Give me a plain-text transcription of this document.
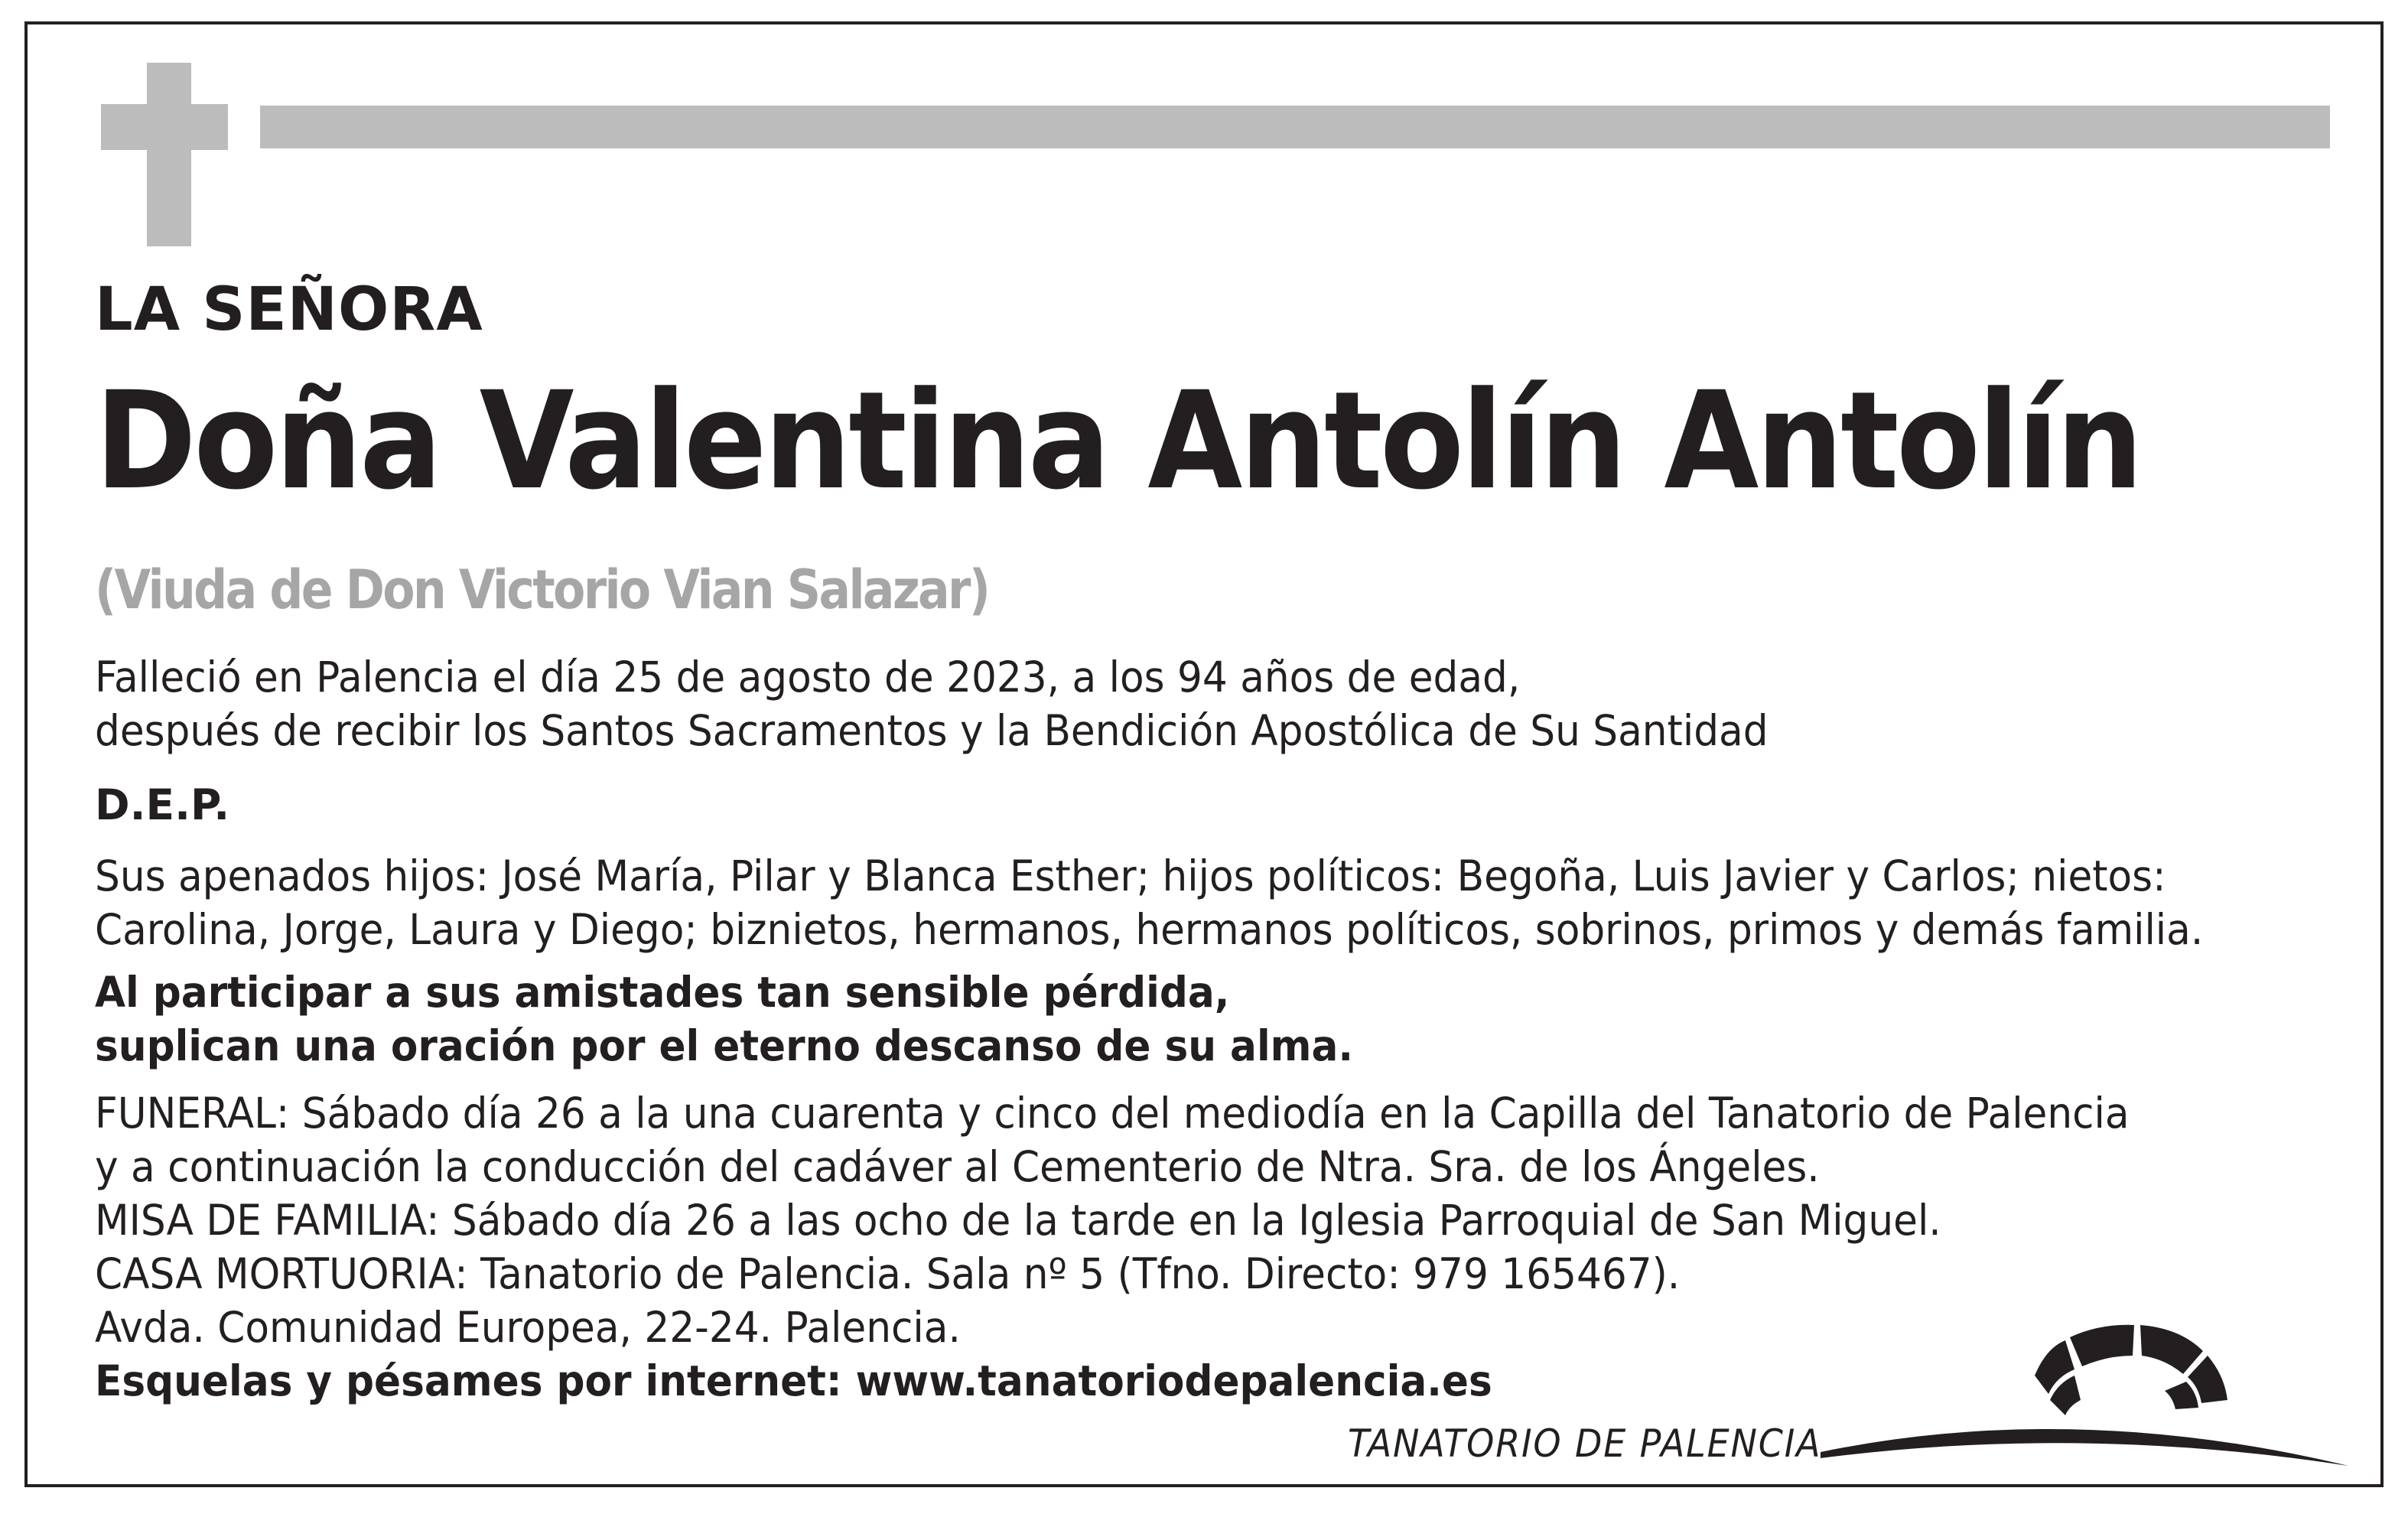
LA SEÑORA

Doña Valentina Antolín Antolín

(Viuda de Don Victorio Vian Salazar)

Falleció en Palencia el día 25 de agosto de 2023, a los 94 años de edad,
después de recibir los Santos Sacramentos y la Bendición Apostólica de Su Santidad

D.E.P.

Sus apenados hijos: José María, Pilar y Blanca Esther; hijos políticos: Begoña, Luis Javier y Carlos; nietos:
Carolina, Jorge, Laura y Diego; biznietos, hermanos, hermanos políticos, sobrinos, primos y demás familia.

Al participar a sus amistades tan sensible pérdida,
suplican una oración por el eterno descanso de su alma.

FUNERAL: Sábado día 26 a la una cuarenta y cinco del mediodía en la Capilla del Tanatorio de Palencia
y a continuación la conducción del cadáver al Cementerio de Ntra. Sra. de los Ángeles.
MISA DE FAMILIA: Sábado día 26 a las ocho de la tarde en la Iglesia Parroquial de San Miguel.
CASA MORTUORIA: Tanatorio de Palencia. Sala nº 5 (Tfno. Directo: 979 165467).
Avda. Comunidad Europea, 22-24. Palencia.
Esquelas y pésames por internet: www.tanatoriodepalencia.es

TANATORIO DE PALENCIA
